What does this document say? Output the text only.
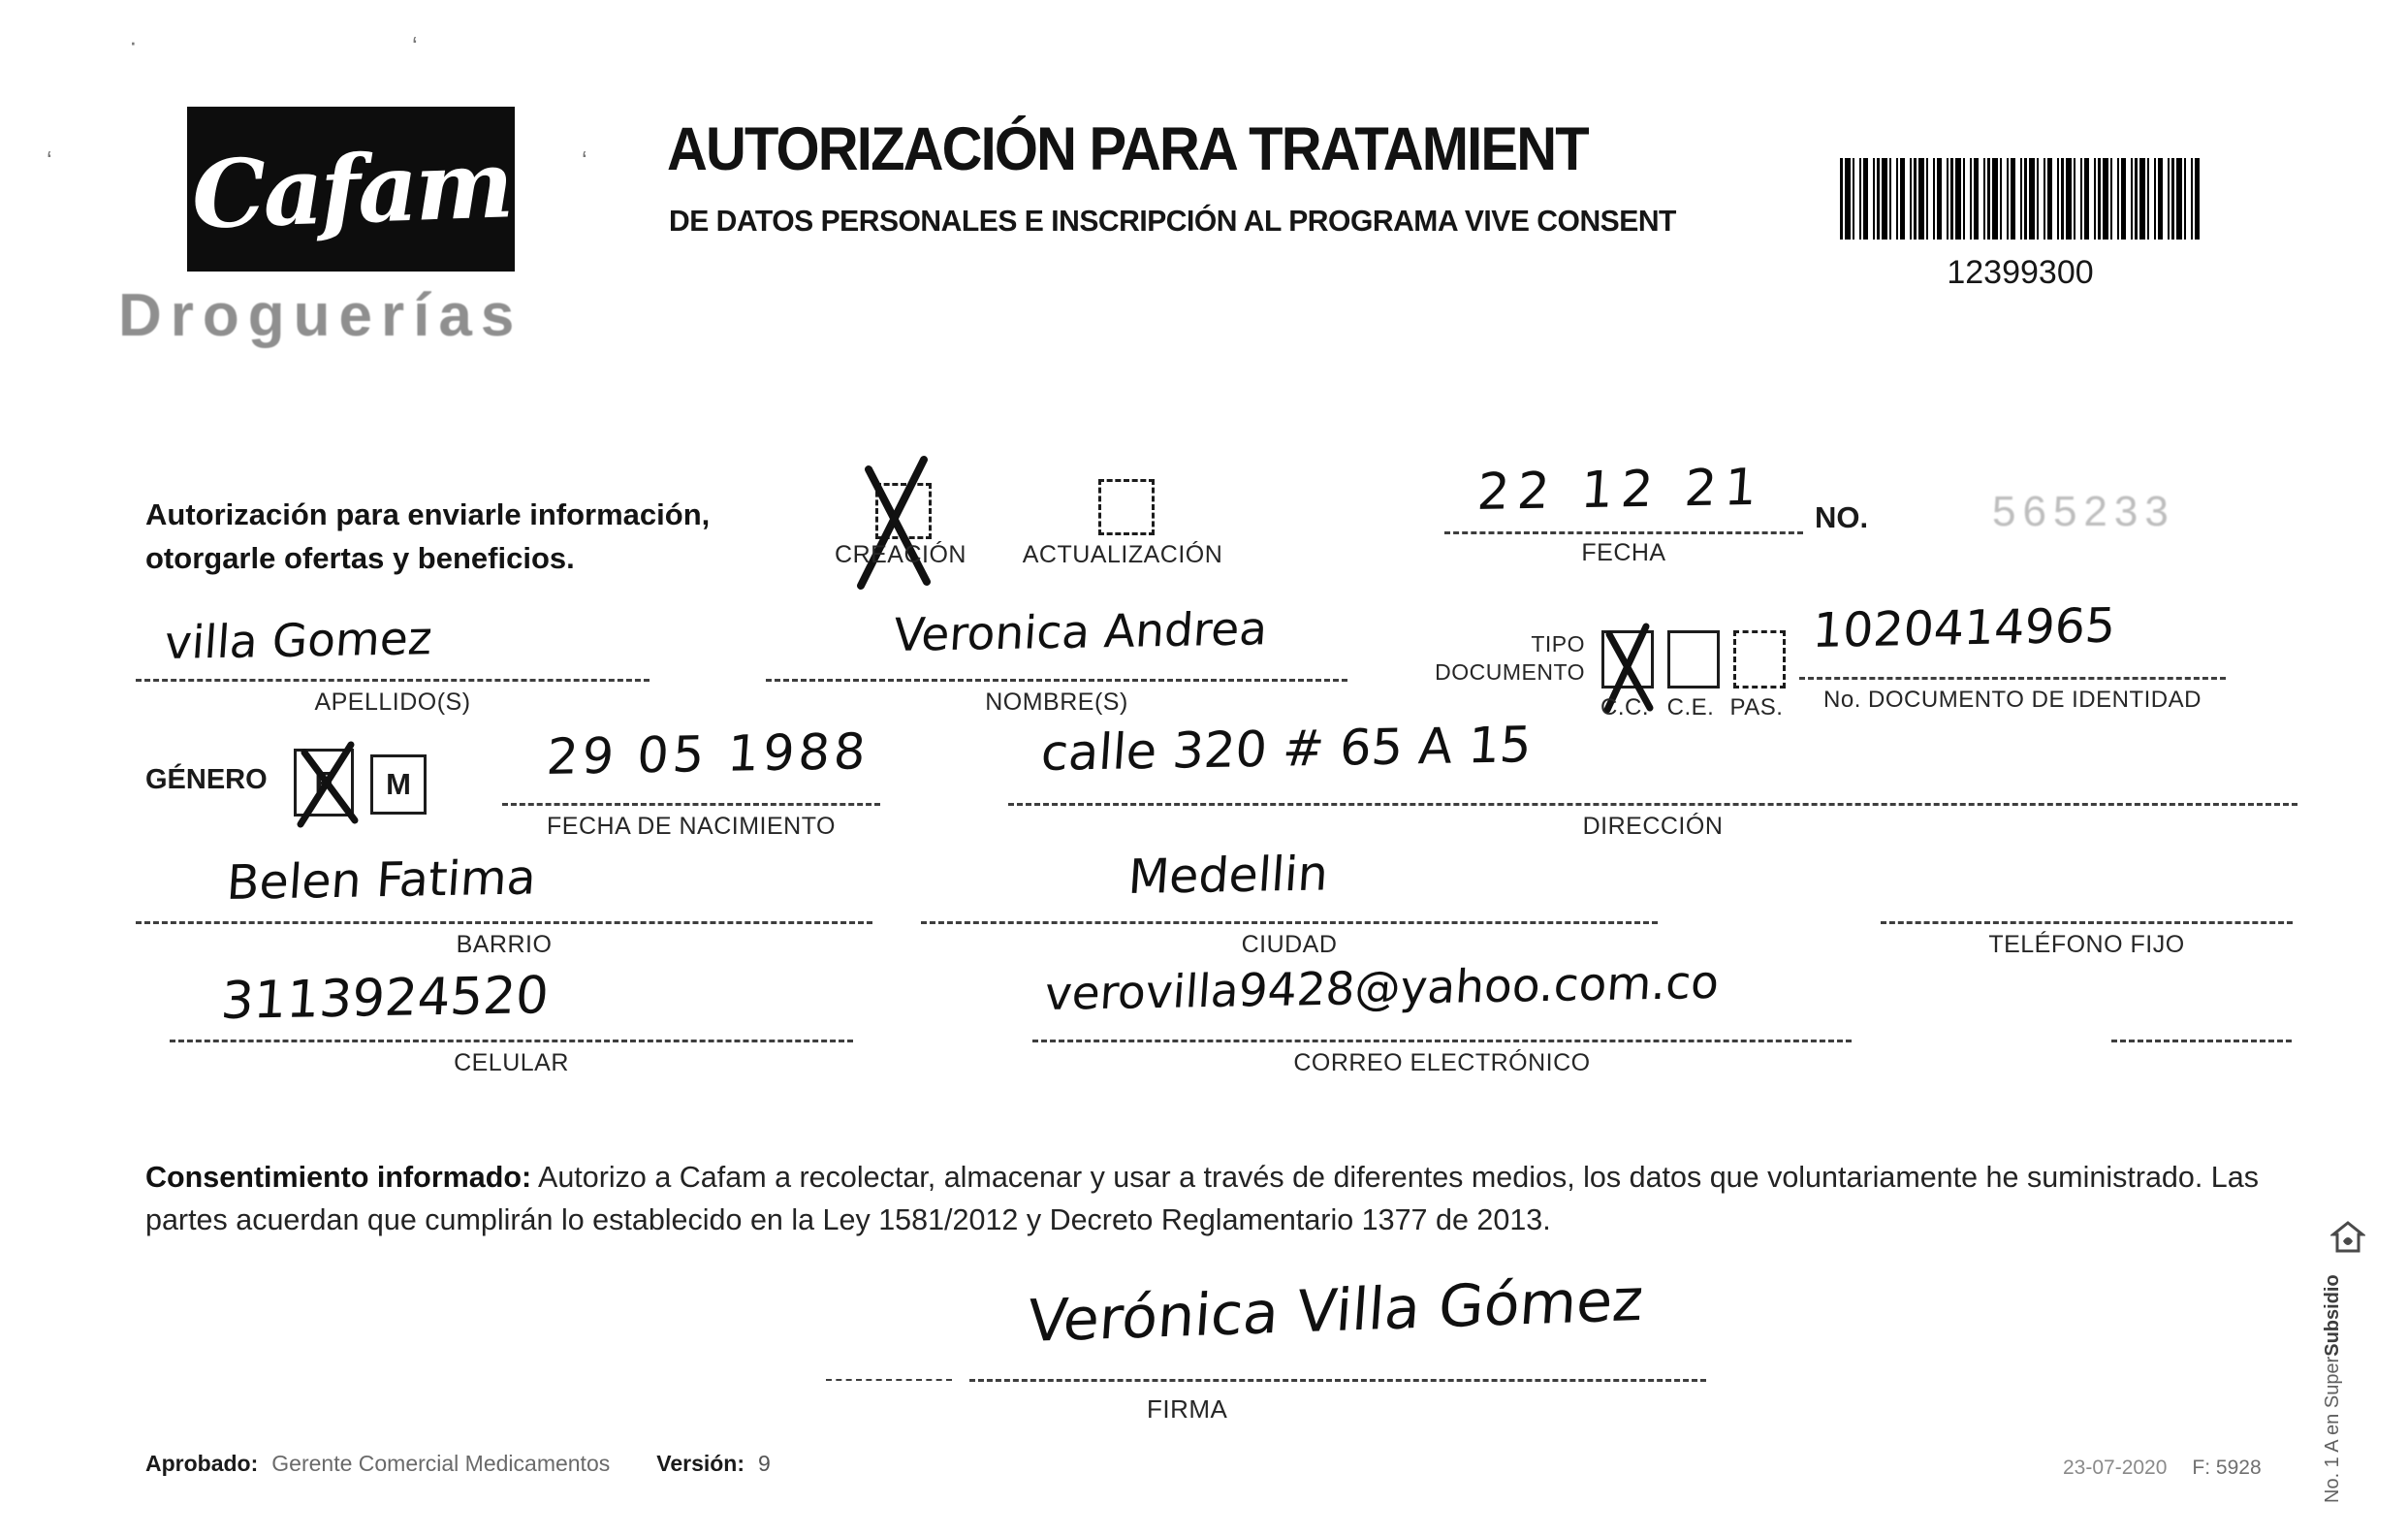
·	‘
‘	‘
Cafam
Droguerías
AUTORIZACIÓN PARA TRATAMIENT
DE DATOS PERSONALES E INSCRIPCIÓN AL PROGRAMA VIVE CONSENT
12399300
Autorización para enviarle información,
otorgarle ofertas y beneficios.	CREACIÓN	ACTUALIZACIÓN
22 12 21
FECHA
NO.	565233
villa Gomez
APELLIDO(S)
Veronica Andrea
NOMBRE(S)
TIPO DOCUMENTO
C.C. C.E. PAS.
1020414965
No. DOCUMENTO DE IDENTIDAD
GÉNERO F M	29 05 1988
FECHA DE NACIMIENTO
calle 320 # 65 A 15
DIRECCIÓN
Belen Fatima
BARRIO
Medellin
CIUDAD	TELÉFONO FIJO
3113924520
CELULAR
verovilla9428@yahoo.com.co
CORREO ELECTRÓNICO
Consentimiento informado: Autorizo a Cafam a recolectar, almacenar y usar a través de diferentes medios, los datos que voluntariamente he suministrado. Las partes acuerdan que cumplirán lo establecido en la Ley 1581/2012 y Decreto Reglamentario 1377 de 2013.
Verónica Villa Gómez
FIRMA
Aprobado: Gerente Comercial Medicamentos Versión: 9	23-07-2020 F: 5928	No. 1 A en SuperSubsidio
